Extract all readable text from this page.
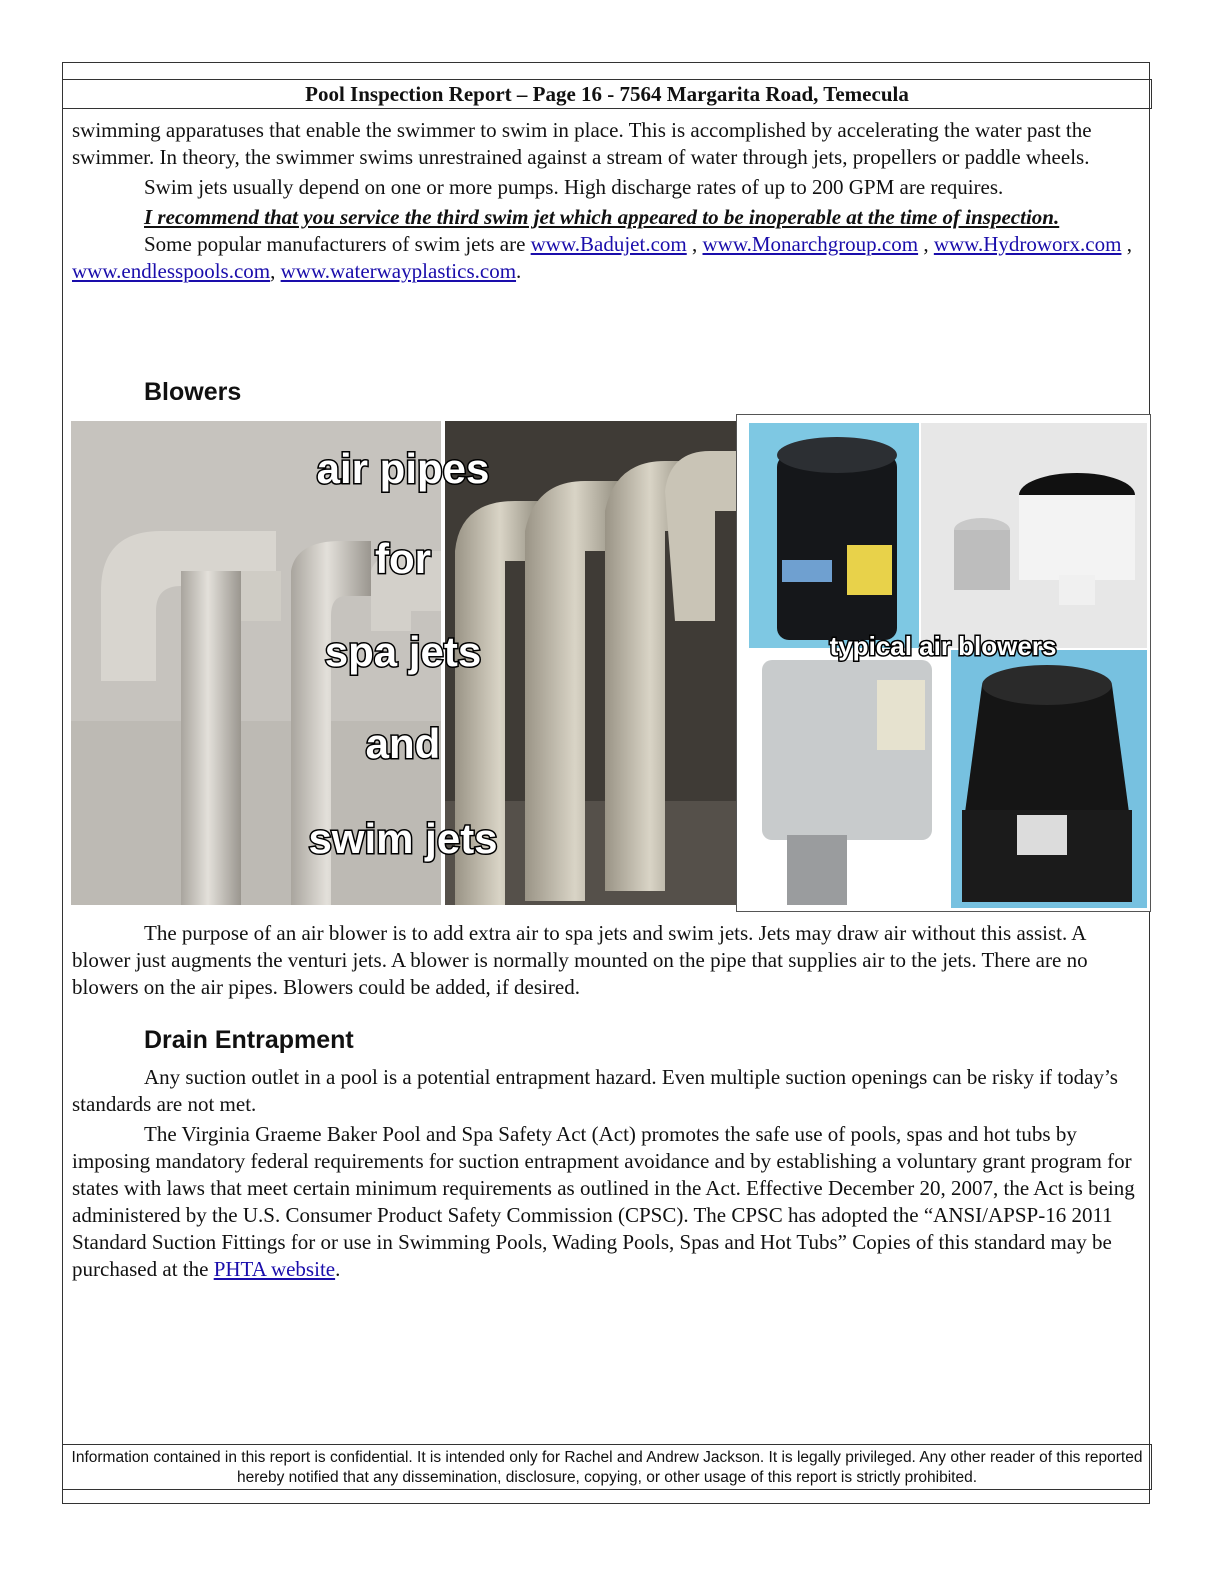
Pool Inspection Report – Page 16 - 7564 Margarita Road, Temecula

swimming apparatuses that enable the swimmer to swim in place. This is accomplished by accelerating the water past the swimmer. In theory, the swimmer swims unrestrained against a stream of water through jets, propellers or paddle wheels.

Swim jets usually depend on one or more pumps. High discharge rates of up to 200 GPM are requires.

I recommend that you service the third swim jet which appeared to be inoperable at the time of inspection.

Some popular manufacturers of swim jets are www.Badujet.com , www.Monarchgroup.com , www.Hydroworx.com , www.endlesspools.com, www.waterwayplastics.com.

Blowers
air pipes
for
spa jets
and
swim jets
typical air blowers

The purpose of an air blower is to add extra air to spa jets and swim jets. Jets may draw air without this assist. A blower just augments the venturi jets. A blower is normally mounted on the pipe that supplies air to the jets. There are no blowers on the air pipes. Blowers could be added, if desired.

Drain Entrapment

Any suction outlet in a pool is a potential entrapment hazard. Even multiple suction openings can be risky if today’s standards are not met.

The Virginia Graeme Baker Pool and Spa Safety Act (Act) promotes the safe use of pools, spas and hot tubs by imposing mandatory federal requirements for suction entrapment avoidance and by establishing a voluntary grant program for states with laws that meet certain minimum requirements as outlined in the Act. Effective December 20, 2007, the Act is being administered by the U.S. Consumer Product Safety Commission (CPSC). The CPSC has adopted the “ANSI/APSP-16 2011 Standard Suction Fittings for or use in Swimming Pools, Wading Pools, Spas and Hot Tubs” Copies of this standard may be purchased at the PHTA website.

Information contained in this report is confidential. It is intended only for Rachel and Andrew Jackson. It is legally privileged. Any other reader of this reported hereby notified that any dissemination, disclosure, copying, or other usage of this report is strictly prohibited.
